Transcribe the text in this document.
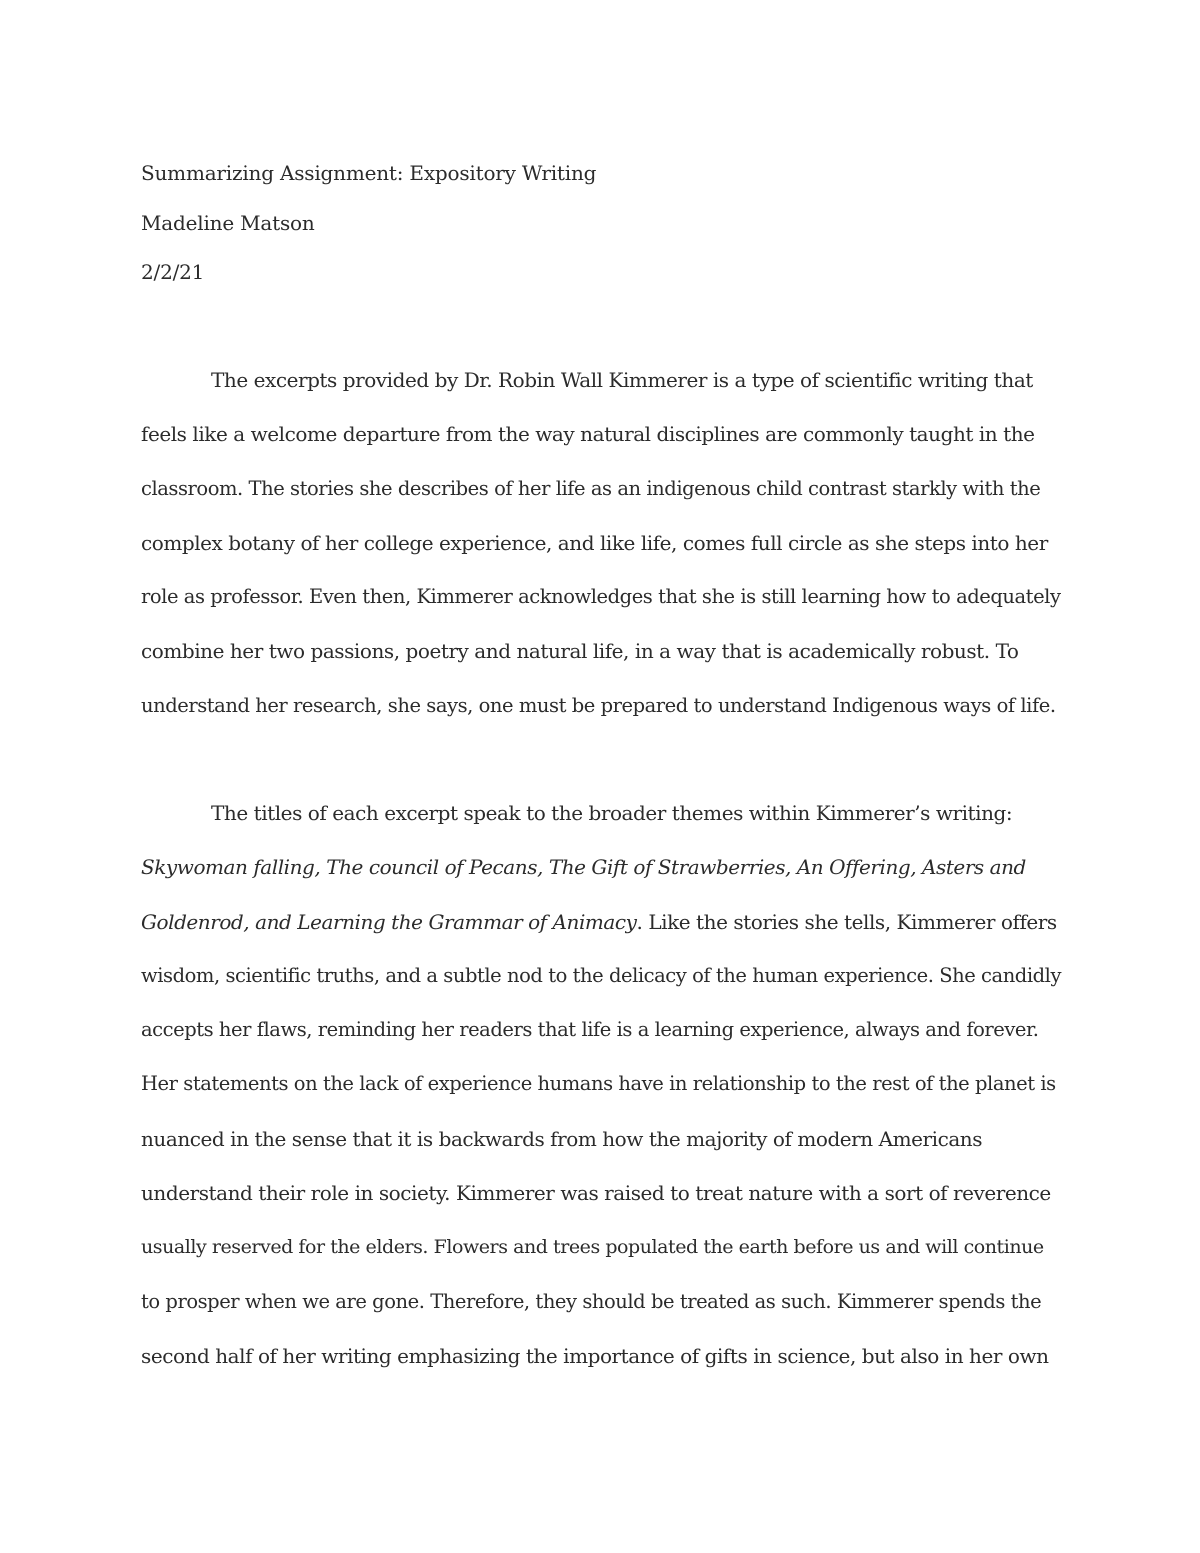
Summarizing Assignment: Expository Writing
Madeline Matson
2/2/21
The excerpts provided by Dr. Robin Wall Kimmerer is a type of scientific writing that
feels like a welcome departure from the way natural disciplines are commonly taught in the
classroom. The stories she describes of her life as an indigenous child contrast starkly with the
complex botany of her college experience, and like life, comes full circle as she steps into her
role as professor. Even then, Kimmerer acknowledges that she is still learning how to adequately
combine her two passions, poetry and natural life, in a way that is academically robust. To
understand her research, she says, one must be prepared to understand Indigenous ways of life.
The titles of each excerpt speak to the broader themes within Kimmerer’s writing:
Skywoman falling, The council of Pecans, The Gift of Strawberries, An Offering, Asters and
Goldenrod, and Learning the Grammar of Animacy. Like the stories she tells, Kimmerer offers
wisdom, scientific truths, and a subtle nod to the delicacy of the human experience. She candidly
accepts her flaws, reminding her readers that life is a learning experience, always and forever.
Her statements on the lack of experience humans have in relationship to the rest of the planet is
nuanced in the sense that it is backwards from how the majority of modern Americans
understand their role in society. Kimmerer was raised to treat nature with a sort of reverence
usually reserved for the elders. Flowers and trees populated the earth before us and will continue
to prosper when we are gone. Therefore, they should be treated as such. Kimmerer spends the
second half of her writing emphasizing the importance of gifts in science, but also in her own
